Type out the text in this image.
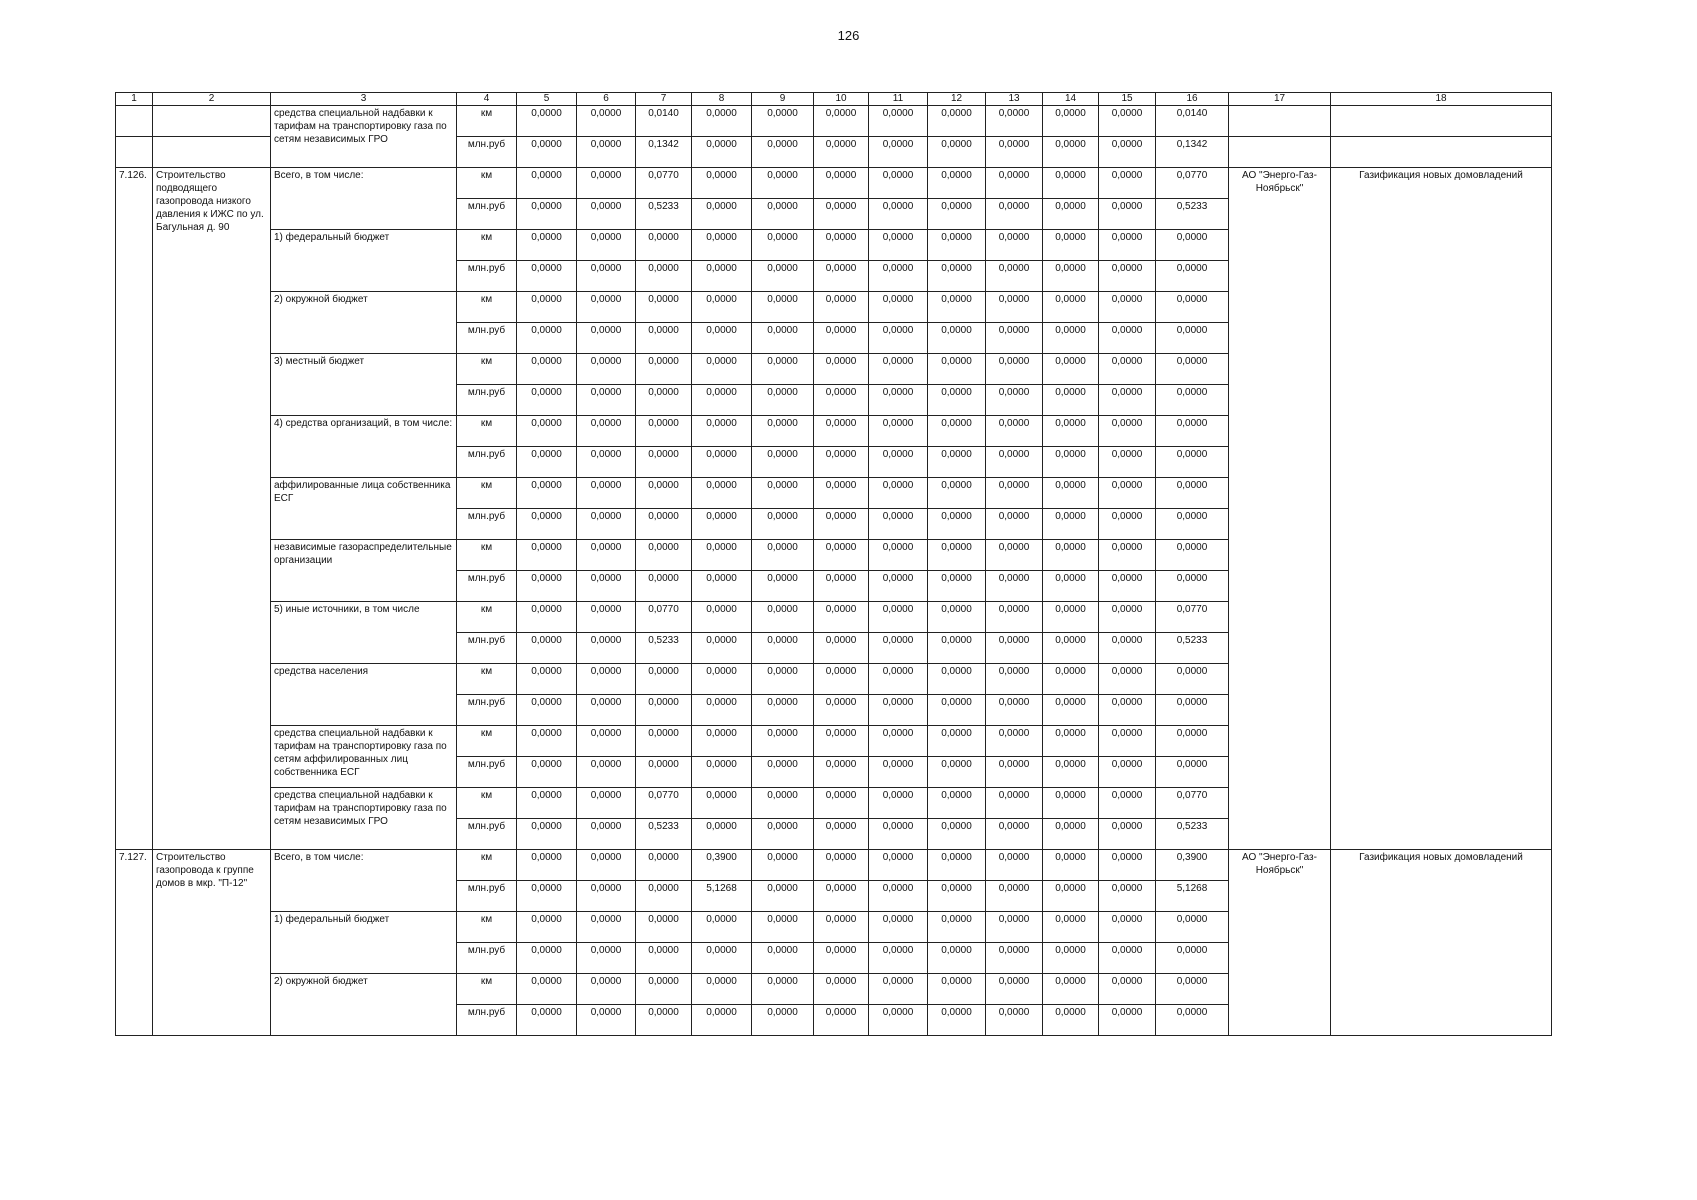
126
1	2	3	4	5	6	7	8	9	10	11	12	13	14	15	16	17	18
		средства специальной надбавки к тарифам на транспортировку газа по сетям независимых ГРО	км	0,0000	0,0000	0,0140	0,0000	0,0000	0,0000	0,0000	0,0000	0,0000	0,0000	0,0000	0,0140		
			млн.руб	0,0000	0,0000	0,1342	0,0000	0,0000	0,0000	0,0000	0,0000	0,0000	0,0000	0,0000	0,1342		
7.126.	Строительство подводящего газопровода низкого давления к ИЖС по ул. Багульная д. 90	Всего, в том числе:	км	0,0000	0,0000	0,0770	0,0000	0,0000	0,0000	0,0000	0,0000	0,0000	0,0000	0,0000	0,0770	АО "Энерго-Газ-Ноябрьск"	Газификация новых домовладений
			млн.руб	0,0000	0,0000	0,5233	0,0000	0,0000	0,0000	0,0000	0,0000	0,0000	0,0000	0,0000	0,5233		
		1) федеральный бюджет	км	0,0000	0,0000	0,0000	0,0000	0,0000	0,0000	0,0000	0,0000	0,0000	0,0000	0,0000	0,0000		
			млн.руб	0,0000	0,0000	0,0000	0,0000	0,0000	0,0000	0,0000	0,0000	0,0000	0,0000	0,0000	0,0000		
		2) окружной бюджет	км	0,0000	0,0000	0,0000	0,0000	0,0000	0,0000	0,0000	0,0000	0,0000	0,0000	0,0000	0,0000		
			млн.руб	0,0000	0,0000	0,0000	0,0000	0,0000	0,0000	0,0000	0,0000	0,0000	0,0000	0,0000	0,0000		
		3) местный бюджет	км	0,0000	0,0000	0,0000	0,0000	0,0000	0,0000	0,0000	0,0000	0,0000	0,0000	0,0000	0,0000		
			млн.руб	0,0000	0,0000	0,0000	0,0000	0,0000	0,0000	0,0000	0,0000	0,0000	0,0000	0,0000	0,0000		
		4) средства организаций, в том числе:	км	0,0000	0,0000	0,0000	0,0000	0,0000	0,0000	0,0000	0,0000	0,0000	0,0000	0,0000	0,0000		
			млн.руб	0,0000	0,0000	0,0000	0,0000	0,0000	0,0000	0,0000	0,0000	0,0000	0,0000	0,0000	0,0000		
		аффилированные лица собственника ЕСГ	км	0,0000	0,0000	0,0000	0,0000	0,0000	0,0000	0,0000	0,0000	0,0000	0,0000	0,0000	0,0000		
			млн.руб	0,0000	0,0000	0,0000	0,0000	0,0000	0,0000	0,0000	0,0000	0,0000	0,0000	0,0000	0,0000		
		независимые газораспределительные организации	км	0,0000	0,0000	0,0000	0,0000	0,0000	0,0000	0,0000	0,0000	0,0000	0,0000	0,0000	0,0000		
			млн.руб	0,0000	0,0000	0,0000	0,0000	0,0000	0,0000	0,0000	0,0000	0,0000	0,0000	0,0000	0,0000		
		5) иные источники, в том числе	км	0,0000	0,0000	0,0770	0,0000	0,0000	0,0000	0,0000	0,0000	0,0000	0,0000	0,0000	0,0770		
			млн.руб	0,0000	0,0000	0,5233	0,0000	0,0000	0,0000	0,0000	0,0000	0,0000	0,0000	0,0000	0,5233		
		средства населения	км	0,0000	0,0000	0,0000	0,0000	0,0000	0,0000	0,0000	0,0000	0,0000	0,0000	0,0000	0,0000		
			млн.руб	0,0000	0,0000	0,0000	0,0000	0,0000	0,0000	0,0000	0,0000	0,0000	0,0000	0,0000	0,0000		
		средства специальной надбавки к тарифам на транспортировку газа по сетям аффилированных лиц собственника ЕСГ	км	0,0000	0,0000	0,0000	0,0000	0,0000	0,0000	0,0000	0,0000	0,0000	0,0000	0,0000	0,0000		
			млн.руб	0,0000	0,0000	0,0000	0,0000	0,0000	0,0000	0,0000	0,0000	0,0000	0,0000	0,0000	0,0000		
		средства специальной надбавки к тарифам на транспортировку газа по сетям независимых ГРО	км	0,0000	0,0000	0,0770	0,0000	0,0000	0,0000	0,0000	0,0000	0,0000	0,0000	0,0000	0,0770		
			млн.руб	0,0000	0,0000	0,5233	0,0000	0,0000	0,0000	0,0000	0,0000	0,0000	0,0000	0,0000	0,5233		
7.127.	Строительство газопровода к группе домов в мкр. "П-12"	Всего, в том числе:	км	0,0000	0,0000	0,0000	0,3900	0,0000	0,0000	0,0000	0,0000	0,0000	0,0000	0,0000	0,3900	АО "Энерго-Газ-Ноябрьск"	Газификация новых домовладений
			млн.руб	0,0000	0,0000	0,0000	5,1268	0,0000	0,0000	0,0000	0,0000	0,0000	0,0000	0,0000	5,1268		
		1) федеральный бюджет	км	0,0000	0,0000	0,0000	0,0000	0,0000	0,0000	0,0000	0,0000	0,0000	0,0000	0,0000	0,0000		
			млн.руб	0,0000	0,0000	0,0000	0,0000	0,0000	0,0000	0,0000	0,0000	0,0000	0,0000	0,0000	0,0000		
		2) окружной бюджет	км	0,0000	0,0000	0,0000	0,0000	0,0000	0,0000	0,0000	0,0000	0,0000	0,0000	0,0000	0,0000		
			млн.руб	0,0000	0,0000	0,0000	0,0000	0,0000	0,0000	0,0000	0,0000	0,0000	0,0000	0,0000	0,0000		
